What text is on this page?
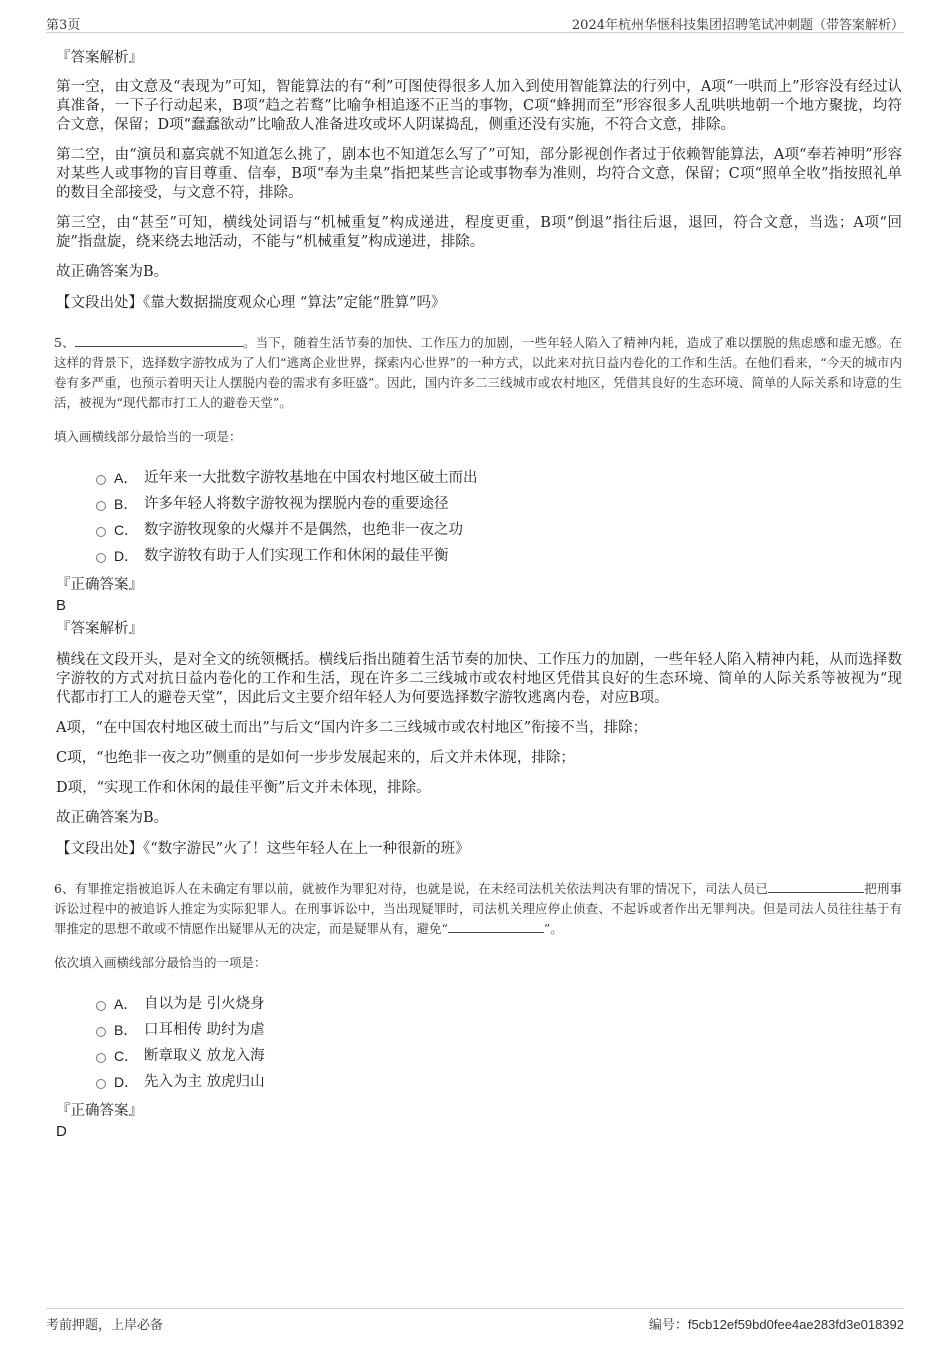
第3页	2024年杭州华惬科技集团招聘笔试冲刺题（带答案解析）
『答案解析』

第一空，由文意及“表现为”可知，智能算法的有“利”可图使得很多人加入到使用智能算法的行列中，A项“一哄而上”形容没有经过认真准备，一下子行动起来，B项“趋之若鹜”比喻争相追逐不正当的事物，C项“蜂拥而至”形容很多人乱哄哄地朝一个地方聚拢，均符合文意，保留；D项“蠢蠢欲动”比喻敌人准备进攻或坏人阴谋捣乱，侧重还没有实施，不符合文意，排除。

第二空，由“演员和嘉宾就不知道怎么挑了，剧本也不知道怎么写了”可知，部分影视创作者过于依赖智能算法，A项“奉若神明”形容对某些人或事物的盲目尊重、信奉，B项“奉为圭臬”指把某些言论或事物奉为准则，均符合文意，保留；C项“照单全收”指按照礼单的数目全部接受，与文意不符，排除。

第三空，由“甚至”可知，横线处词语与“机械重复”构成递进，程度更重，B项“倒退”指往后退，退回，符合文意，当选；A项“回旋”指盘旋，绕来绕去地活动，不能与“机械重复”构成递进，排除。

故正确答案为B。

【文段出处】《靠大数据揣度观众心理 “算法”定能“胜算”吗》
5、	。当下，随着生活节奏的加快、工作压力的加剧，一些年轻人陷入了精神内耗，造成了难以摆脱的焦虑感和虚无感。在这样的背景下，选择数字游牧成为了人们“逃离企业世界，探索内心世界”的一种方式，以此来对抗日益内卷化的工作和生活。在他们看来，“今天的城市内卷有多严重，也预示着明天让人摆脱内卷的需求有多旺盛”。因此，国内许多二三线城市或农村地区，凭借其良好的生态环境、简单的人际关系和诗意的生活，被视为“现代都市打工人的避卷天堂”。
填入画横线部分最恰当的一项是：
A． 近年来一大批数字游牧基地在中国农村地区破土而出
B． 许多年轻人将数字游牧视为摆脱内卷的重要途径
C． 数字游牧现象的火爆并不是偶然，也绝非一夜之功
D． 数字游牧有助于人们实现工作和休闲的最佳平衡
『正确答案』
B
『答案解析』

横线在文段开头，是对全文的统领概括。横线后指出随着生活节奏的加快、工作压力的加剧，一些年轻人陷入精神内耗，从而选择数字游牧的方式对抗日益内卷化的工作和生活，现在许多二三线城市或农村地区凭借其良好的生态环境、简单的人际关系等被视为“现代都市打工人的避卷天堂”，因此后文主要介绍年轻人为何要选择数字游牧逃离内卷，对应B项。

A项，“在中国农村地区破土而出”与后文“国内许多二三线城市或农村地区”衔接不当，排除；

C项，“也绝非一夜之功”侧重的是如何一步步发展起来的，后文并未体现，排除；

D项，“实现工作和休闲的最佳平衡”后文并未体现，排除。

故正确答案为B。

【文段出处】《“数字游民”火了！这些年轻人在上一种很新的班》
6、有罪推定指被追诉人在未确定有罪以前，就被作为罪犯对待，也就是说，在未经司法机关依法判决有罪的情况下，司法人员已	把刑事诉讼过程中的被追诉人推定为实际犯罪人。在刑事诉讼中，当出现疑罪时，司法机关理应停止侦查、不起诉或者作出无罪判决。但是司法人员往往基于有罪推定的思想不敢或不情愿作出疑罪从无的决定，而是疑罪从有，避免“	”。
依次填入画横线部分最恰当的一项是：
A． 自以为是 引火烧身
B． 口耳相传 助纣为虐
C． 断章取义 放龙入海
D． 先入为主 放虎归山
『正确答案』
D
考前押题，上岸必备	编号：f5cb12ef59bd0fee4ae283fd3e018392
